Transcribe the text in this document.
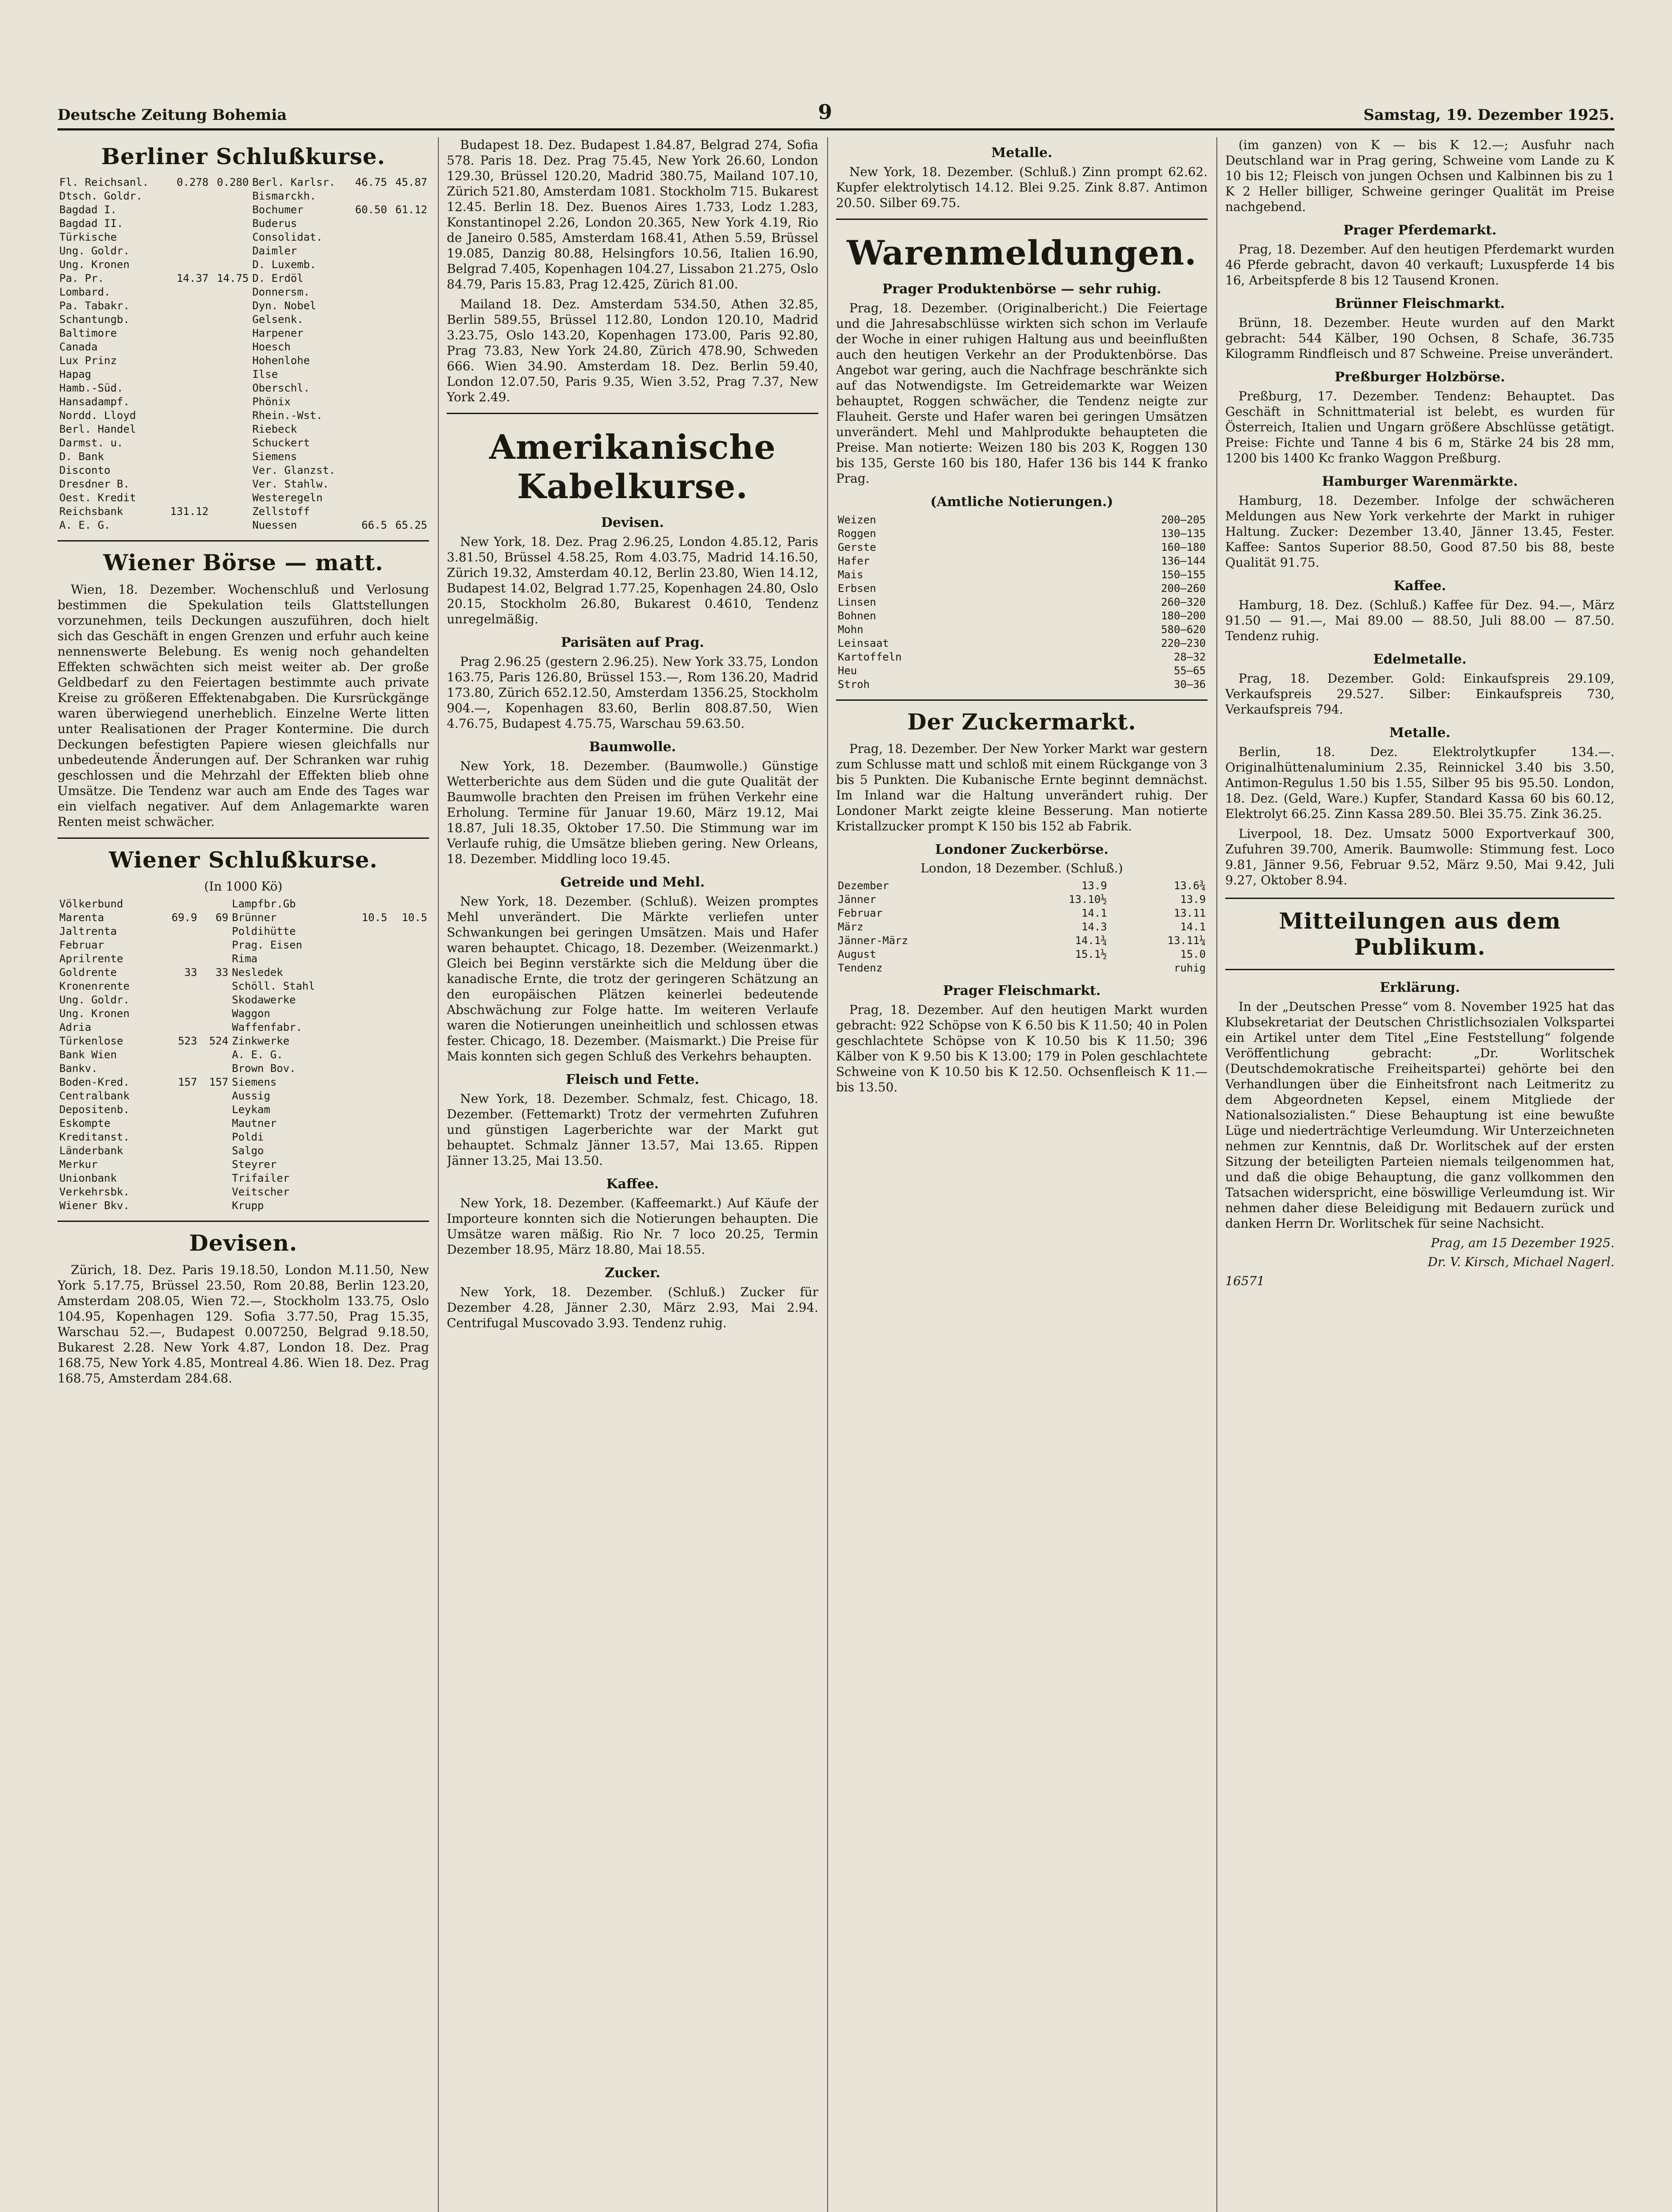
Deutsche Zeitung Bohemia	9	Samstag, 19. Dezember 1925.
Berliner Schlußkurse.
Fl. Reichsanl.	0.278	0.280	Berl. Karlsr.	46.75	45.87
Dtsch. Goldr.			Bismarckh.		
Bagdad I.			Bochumer	60.50	61.12
Bagdad II.			Buderus		
Türkische			Consolidat.		
Ung. Goldr.			Daimler		
Ung. Kronen			D. Luxemb.		
Pa. Pr.	14.37	14.75	D. Erdöl		
Lombard.			Donnersm.		
Pa. Tabakr.			Dyn. Nobel		
Schantungb.			Gelsenk.		
Baltimore			Harpener		
Canada			Hoesch		
Lux Prinz			Hohenlohe		
Hapag			Ilse		
Hamb.-Süd.			Oberschl.		
Hansadampf.			Phönix		
Nordd. Lloyd			Rhein.-Wst.		
Berl. Handel			Riebeck		
Darmst. u.			Schuckert		
D. Bank			Siemens		
Disconto			Ver. Glanzst.		
Dresdner B.			Ver. Stahlw.		
Oest. Kredit			Westeregeln		
Reichsbank	131.12		Zellstoff		
A. E. G.			Nuessen	66.5	65.25
Wiener Börse — matt.

Wien, 18. Dezember. Wochenschluß und Verlosung bestimmen die Spekulation teils Glattstellungen vorzunehmen, teils Deckungen auszuführen, doch hielt sich das Geschäft in engen Grenzen und erfuhr auch keine nennenswerte Belebung. Es wenig noch gehandelten Effekten schwächten sich meist weiter ab. Der große Geldbedarf zu den Feiertagen bestimmte auch private Kreise zu größeren Effektenabgaben. Die Kursrückgänge waren überwiegend unerheblich. Einzelne Werte litten unter Realisationen der Prager Kontermine. Die durch Deckungen befestigten Papiere wiesen gleichfalls nur unbedeutende Änderungen auf. Der Schranken war ruhig geschlossen und die Mehrzahl der Effekten blieb ohne Umsätze. Die Tendenz war auch am Ende des Tages war ein vielfach negativer. Auf dem Anlagemarkte waren Renten meist schwächer.

Wiener Schlußkurse.
(In 1000 Kö)
Völkerbund			Lampfbr.Gb		
Marenta	69.9	69	Brünner	10.5	10.5
Jaltrenta			Poldihütte		
Februar			Prag. Eisen		
Aprilrente			Rima		
Goldrente	33	33	Nesledek		
Kronenrente			Schöll. Stahl		
Ung. Goldr.			Skodawerke		
Ung. Kronen			Waggon		
Adria			Waffenfabr.		
Türkenlose	523	524	Zinkwerke		
Bank Wien			A. E. G.		
Bankv.			Brown Bov.		
Boden-Kred.	157	157	Siemens		
Centralbank			Aussig		
Depositenb.			Leykam		
Eskompte			Mautner		
Kreditanst.			Poldi		
Länderbank			Salgo		
Merkur			Steyrer		
Unionbank			Trifailer		
Verkehrsbk.			Veitscher		
Wiener Bkv.			Krupp		
Devisen.

Zürich, 18. Dez. Paris 19.18.50, London M.11.50, New York 5.17.75, Brüssel 23.50, Rom 20.88, Berlin 123.20, Amsterdam 208.05, Wien 72.—, Stockholm 133.75, Oslo 104.95, Kopenhagen 129. Sofia 3.77.50, Prag 15.35, Warschau 52.—, Budapest 0.007250, Belgrad 9.18.50, Bukarest 2.28. New York 4.87, London 18. Dez. Prag 168.75, New York 4.85, Montreal 4.86. Wien 18. Dez. Prag 168.75, Amsterdam 284.68.

Budapest 18. Dez. Budapest 1.84.87, Belgrad 274, Sofia 578. Paris 18. Dez. Prag 75.45, New York 26.60, London 129.30, Brüssel 120.20, Madrid 380.75, Mailand 107.10, Zürich 521.80, Amsterdam 1081. Stockholm 715. Bukarest 12.45. Berlin 18. Dez. Buenos Aires 1.733, Lodz 1.283, Konstantinopel 2.26, London 20.365, New York 4.19, Rio de Janeiro 0.585, Amsterdam 168.41, Athen 5.59, Brüssel 19.085, Danzig 80.88, Helsingfors 10.56, Italien 16.90, Belgrad 7.405, Kopenhagen 104.27, Lissabon 21.275, Oslo 84.79, Paris 15.83, Prag 12.425, Zürich 81.00.

Mailand 18. Dez. Amsterdam 534.50, Athen 32.85, Berlin 589.55, Brüssel 112.80, London 120.10, Madrid 3.23.75, Oslo 143.20, Kopenhagen 173.00, Paris 92.80, Prag 73.83, New York 24.80, Zürich 478.90, Schweden 666. Wien 34.90. Amsterdam 18. Dez. Berlin 59.40, London 12.07.50, Paris 9.35, Wien 3.52, Prag 7.37, New York 2.49.

Amerikanische Kabelkurse.
Devisen.

New York, 18. Dez. Prag 2.96.25, London 4.85.12, Paris 3.81.50, Brüssel 4.58.25, Rom 4.03.75, Madrid 14.16.50, Zürich 19.32, Amsterdam 40.12, Berlin 23.80, Wien 14.12, Budapest 14.02, Belgrad 1.77.25, Kopenhagen 24.80, Oslo 20.15, Stockholm 26.80, Bukarest 0.4610, Tendenz unregelmäßig.

Parisäten auf Prag.

Prag 2.96.25 (gestern 2.96.25). New York 33.75, London 163.75, Paris 126.80, Brüssel 153.—, Rom 136.20, Madrid 173.80, Zürich 652.12.50, Amsterdam 1356.25, Stockholm 904.—, Kopenhagen 83.60, Berlin 808.87.50, Wien 4.76.75, Budapest 4.75.75, Warschau 59.63.50.

Baumwolle.

New York, 18. Dezember. (Baumwolle.) Günstige Wetterberichte aus dem Süden und die gute Qualität der Baumwolle brachten den Preisen im frühen Verkehr eine Erholung. Termine für Januar 19.60, März 19.12, Mai 18.87, Juli 18.35, Oktober 17.50. Die Stimmung war im Verlaufe ruhig, die Umsätze blieben gering. New Orleans, 18. Dezember. Middling loco 19.45.

Getreide und Mehl.

New York, 18. Dezember. (Schluß). Weizen promptes Mehl unverändert. Die Märkte verliefen unter Schwankungen bei geringen Umsätzen. Mais und Hafer waren behauptet. Chicago, 18. Dezember. (Weizenmarkt.) Gleich bei Beginn verstärkte sich die Meldung über die kanadische Ernte, die trotz der geringeren Schätzung an den europäischen Plätzen keinerlei bedeutende Abschwächung zur Folge hatte. Im weiteren Verlaufe waren die Notierungen uneinheitlich und schlossen etwas fester. Chicago, 18. Dezember. (Maismarkt.) Die Preise für Mais konnten sich gegen Schluß des Verkehrs behaupten.

Fleisch und Fette.

New York, 18. Dezember. Schmalz, fest. Chicago, 18. Dezember. (Fettemarkt) Trotz der vermehrten Zufuhren und günstigen Lagerberichte war der Markt gut behauptet. Schmalz Jänner 13.57, Mai 13.65. Rippen Jänner 13.25, Mai 13.50.

Kaffee.

New York, 18. Dezember. (Kaffeemarkt.) Auf Käufe der Importeure konnten sich die Notierungen behaupten. Die Umsätze waren mäßig. Rio Nr. 7 loco 20.25, Termin Dezember 18.95, März 18.80, Mai 18.55.

Zucker.

New York, 18. Dezember. (Schluß.) Zucker für Dezember 4.28, Jänner 2.30, März 2.93, Mai 2.94. Centrifugal Muscovado 3.93. Tendenz ruhig.

Metalle.

New York, 18. Dezember. (Schluß.) Zinn prompt 62.62. Kupfer elektrolytisch 14.12. Blei 9.25. Zink 8.87. Antimon 20.50. Silber 69.75.

Warenmeldungen.
Prager Produktenbörse — sehr ruhig.

Prag, 18. Dezember. (Originalbericht.) Die Feiertage und die Jahresabschlüsse wirkten sich schon im Verlaufe der Woche in einer ruhigen Haltung aus und beeinflußten auch den heutigen Verkehr an der Produktenbörse. Das Angebot war gering, auch die Nachfrage beschränkte sich auf das Notwendigste. Im Getreidemarkte war Weizen behauptet, Roggen schwächer, die Tendenz neigte zur Flauheit. Gerste und Hafer waren bei geringen Umsätzen unverändert. Mehl und Mahlprodukte behaupteten die Preise. Man notierte: Weizen 180 bis 203 K, Roggen 130 bis 135, Gerste 160 bis 180, Hafer 136 bis 144 K franko Prag.

(Amtliche Notierungen.)
Weizen	200—205
Roggen	130—135
Gerste	160—180
Hafer	136—144
Mais	150—155
Erbsen	200—260
Linsen	260—320
Bohnen	180—200
Mohn	580—620
Leinsaat	220—230
Kartoffeln	28—32
Heu	55—65
Stroh	30—36
Der Zuckermarkt.

Prag, 18. Dezember. Der New Yorker Markt war gestern zum Schlusse matt und schloß mit einem Rückgange von 3 bis 5 Punkten. Die Kubanische Ernte beginnt demnächst. Im Inland war die Haltung unverändert ruhig. Der Londoner Markt zeigte kleine Besserung. Man notierte Kristallzucker prompt K 150 bis 152 ab Fabrik.

Londoner Zuckerbörse.
London, 18 Dezember. (Schluß.)
Dezember	13.9	13.6¾
Jänner	13.10½	13.9
Februar	14.1	13.11
März	14.3	14.1
Jänner-März	14.1¾	13.11¼
August	15.1½	15.0
Tendenz		ruhig
Prager Fleischmarkt.

Prag, 18. Dezember. Auf den heutigen Markt wurden gebracht: 922 Schöpse von K 6.50 bis K 11.50; 40 in Polen geschlachtete Schöpse von K 10.50 bis K 11.50; 396 Kälber von K 9.50 bis K 13.00; 179 in Polen geschlachtete Schweine von K 10.50 bis K 12.50. Ochsenfleisch K 11.— bis 13.50.

(im ganzen) von K — bis K 12.—; Ausfuhr nach Deutschland war in Prag gering, Schweine vom Lande zu K 10 bis 12; Fleisch von jungen Ochsen und Kalbinnen bis zu 1 K 2 Heller billiger, Schweine geringer Qualität im Preise nachgebend.

Prager Pferdemarkt.

Prag, 18. Dezember. Auf den heutigen Pferdemarkt wurden 46 Pferde gebracht, davon 40 verkauft; Luxuspferde 14 bis 16, Arbeitspferde 8 bis 12 Tausend Kronen.

Brünner Fleischmarkt.

Brünn, 18. Dezember. Heute wurden auf den Markt gebracht: 544 Kälber, 190 Ochsen, 8 Schafe, 36.735 Kilogramm Rindfleisch und 87 Schweine. Preise unverändert.

Preßburger Holzbörse.

Preßburg, 17. Dezember. Tendenz: Behauptet. Das Geschäft in Schnittmaterial ist belebt, es wurden für Österreich, Italien und Ungarn größere Abschlüsse getätigt. Preise: Fichte und Tanne 4 bis 6 m, Stärke 24 bis 28 mm, 1200 bis 1400 Kc franko Waggon Preßburg.

Hamburger Warenmärkte.

Hamburg, 18. Dezember. Infolge der schwächeren Meldungen aus New York verkehrte der Markt in ruhiger Haltung. Zucker: Dezember 13.40, Jänner 13.45, Fester. Kaffee: Santos Superior 88.50, Good 87.50 bis 88, beste Qualität 91.75.

Kaffee.

Hamburg, 18. Dez. (Schluß.) Kaffee für Dez. 94.—, März 91.50 — 91.—, Mai 89.00 — 88.50, Juli 88.00 — 87.50. Tendenz ruhig.

Edelmetalle.

Prag, 18. Dezember. Gold: Einkaufspreis 29.109, Verkaufspreis 29.527. Silber: Einkaufspreis 730, Verkaufspreis 794.

Metalle.

Berlin, 18. Dez. Elektrolytkupfer 134.—. Originalhüttenaluminium 2.35, Reinnickel 3.40 bis 3.50, Antimon-Regulus 1.50 bis 1.55, Silber 95 bis 95.50. London, 18. Dez. (Geld, Ware.) Kupfer, Standard Kassa 60 bis 60.12, Elektrolyt 66.25. Zinn Kassa 289.50. Blei 35.75. Zink 36.25.

Liverpool, 18. Dez. Umsatz 5000 Exportverkauf 300, Zufuhren 39.700, Amerik. Baumwolle: Stimmung fest. Loco 9.81, Jänner 9.56, Februar 9.52, März 9.50, Mai 9.42, Juli 9.27, Oktober 8.94.

Mitteilungen aus dem Publikum.
Erklärung.

In der „Deutschen Presse“ vom 8. November 1925 hat das Klubsekretariat der Deutschen Christlichsozialen Volkspartei ein Artikel unter dem Titel „Eine Feststellung“ folgende Veröffentlichung gebracht: „Dr. Worlitschek (Deutschdemokratische Freiheitspartei) gehörte bei den Verhandlungen über die Einheitsfront nach Leitmeritz zu dem Abgeordneten Kepsel, einem Mitgliede der Nationalsozialisten.“ Diese Behauptung ist eine bewußte Lüge und niederträchtige Verleumdung. Wir Unterzeichneten nehmen zur Kenntnis, daß Dr. Worlitschek auf der ersten Sitzung der beteiligten Parteien niemals teilgenommen hat, und daß die obige Behauptung, die ganz vollkommen den Tatsachen widerspricht, eine böswillige Verleumdung ist. Wir nehmen daher diese Beleidigung mit Bedauern zurück und danken Herrn Dr. Worlitschek für seine Nachsicht.

Prag, am 15 Dezember 1925.
Dr. V. Kirsch, Michael Nagerl.
16571
